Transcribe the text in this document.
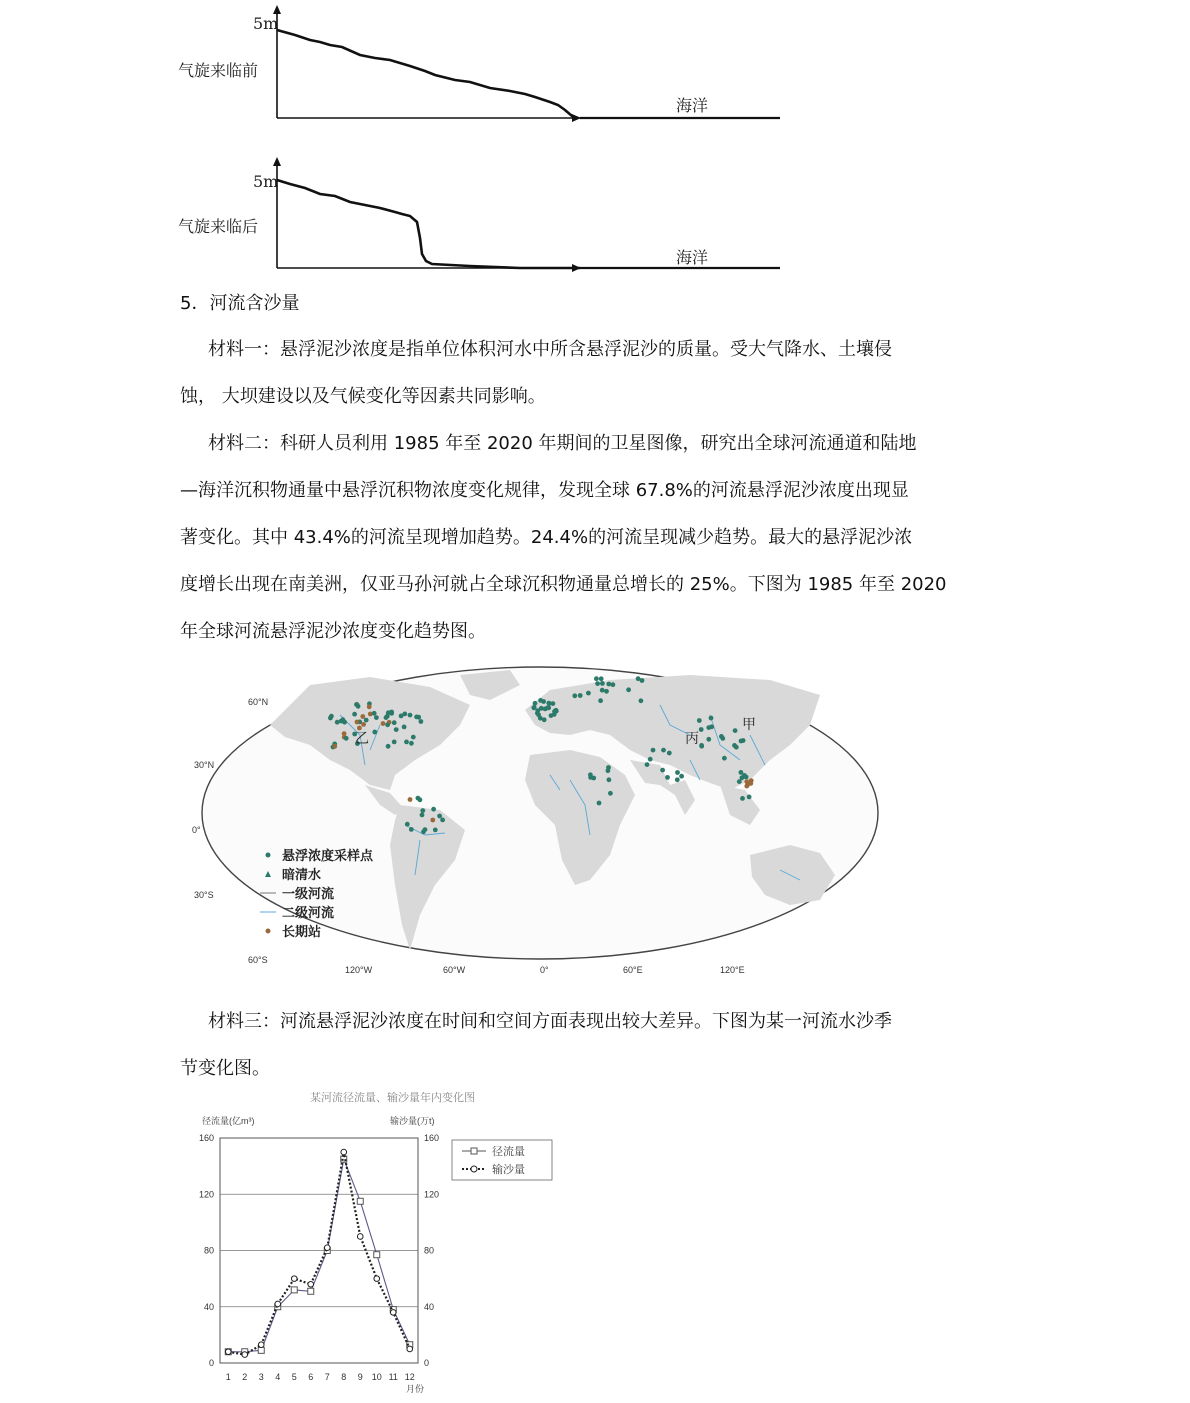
5m
气旋来临前
海洋
5m
气旋来临后
海洋
5．河流含沙量
材料一：悬浮泥沙浓度是指单位体积河水中所含悬浮泥沙的质量。受大气降水、土壤侵
蚀， 大坝建设以及气候变化等因素共同影响。
材料二：科研人员利用 1985 年至 2020 年期间的卫星图像，研究出全球河流通道和陆地
—海洋沉积物通量中悬浮沉积物浓度变化规律，发现全球 67.8%的河流悬浮泥沙浓度出现显
著变化。其中 43.4%的河流呈现增加趋势。24.4%的河流呈现减少趋势。最大的悬浮泥沙浓
度增长出现在南美洲，仅亚马孙河就占全球沉积物通量总增长的 25%。下图为 1985 年至 2020
年全球河流悬浮泥沙浓度变化趋势图。
60°N
30°N
0°
30°S
60°S
120°W	60°W	0°	60°E	120°E
乙	丙
甲
悬浮浓度采样点
暗清水
一级河流
二级河流
长期站
材料三：河流悬浮泥沙浓度在时间和空间方面表现出较大差异。下图为某一河流水沙季
节变化图。
某河流径流量、输沙量年内变化图
径流量(亿m³)	输沙量(万t)
0	0
40	40
80	80
120	120
160	160
1 2 3 4 5 6 7 8 9 10 11 12
月份
径流量
输沙量
